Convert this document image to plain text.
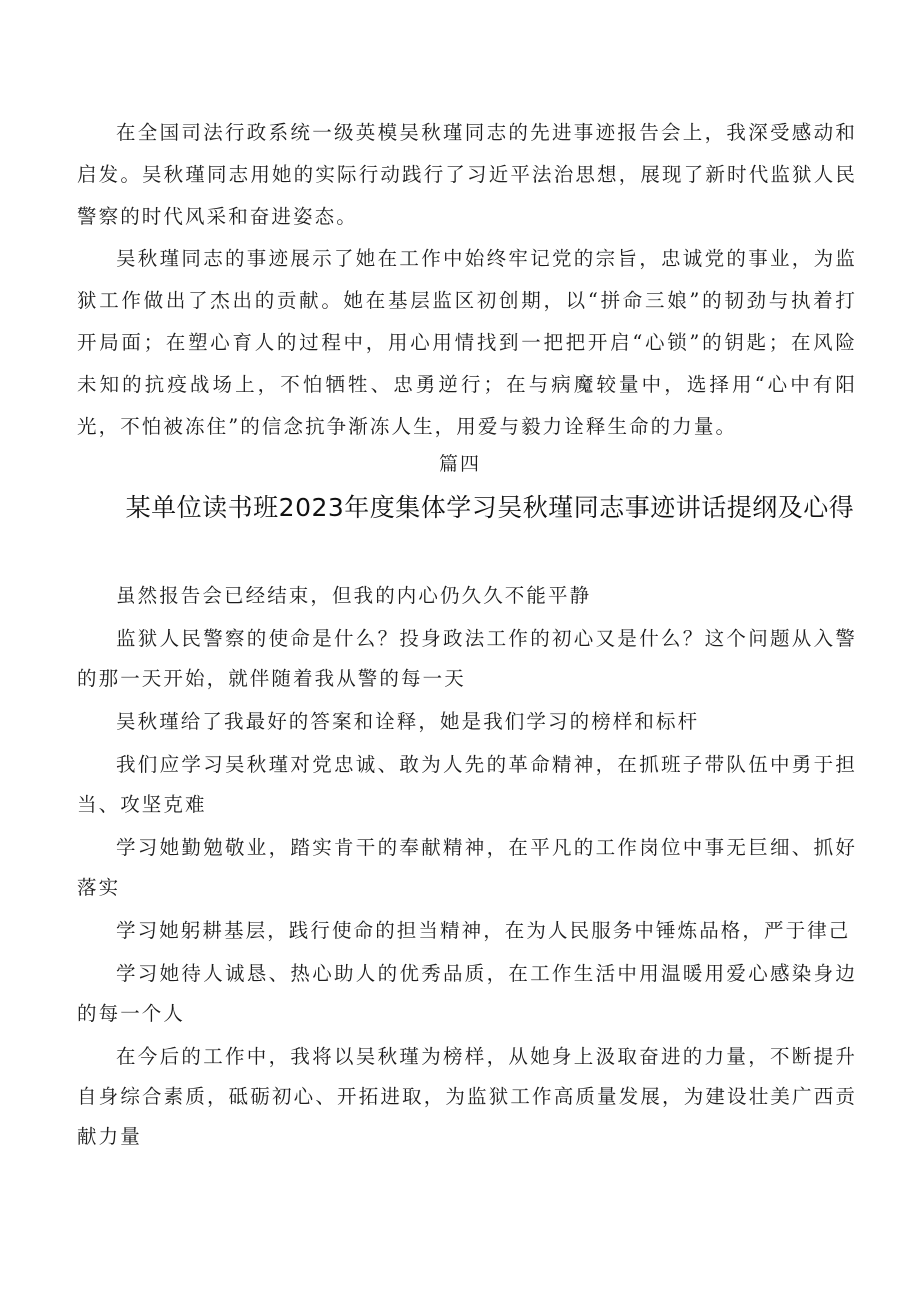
在全国司法行政系统一级英模吴秋瑾同志的先进事迹报告会上，我深受感动和启发。吴秋瑾同志用她的实际行动践行了习近平法治思想，展现了新时代监狱人民警察的时代风采和奋进姿态。

吴秋瑾同志的事迹展示了她在工作中始终牢记党的宗旨，忠诚党的事业，为监狱工作做出了杰出的贡献。她在基层监区初创期，以“拼命三娘”的韧劲与执着打开局面；在塑心育人的过程中，用心用情找到一把把开启“心锁”的钥匙；在风险未知的抗疫战场上，不怕牺牲、忠勇逆行；在与病魔较量中，选择用“心中有阳光，不怕被冻住”的信念抗争渐冻人生，用爱与毅力诠释生命的力量。

篇四
某单位读书班2023年度集体学习吴秋瑾同志事迹讲话提纲及心得

虽然报告会已经结束，但我的内心仍久久不能平静

监狱人民警察的使命是什么？投身政法工作的初心又是什么？这个问题从入警的那一天开始，就伴随着我从警的每一天

吴秋瑾给了我最好的答案和诠释，她是我们学习的榜样和标杆

我们应学习吴秋瑾对党忠诚、敢为人先的革命精神，在抓班子带队伍中勇于担当、攻坚克难

学习她勤勉敬业，踏实肯干的奉献精神，在平凡的工作岗位中事无巨细、抓好落实

学习她躬耕基层，践行使命的担当精神，在为人民服务中锤炼品格，严于律己

学习她待人诚恳、热心助人的优秀品质，在工作生活中用温暖用爱心感染身边的每一个人

在今后的工作中，我将以吴秋瑾为榜样，从她身上汲取奋进的力量，不断提升自身综合素质，砥砺初心、开拓进取，为监狱工作高质量发展，为建设壮美广西贡献力量
